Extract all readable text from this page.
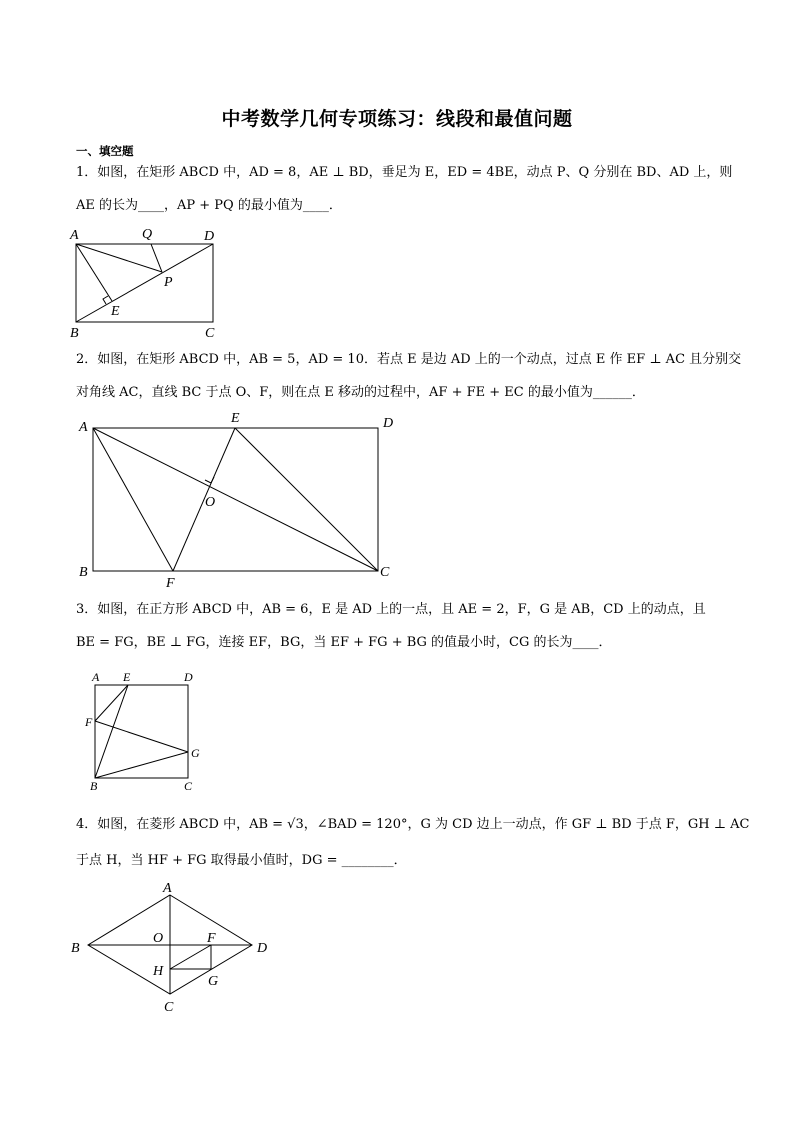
中考数学几何专项练习：线段和最值问题
一、填空题
1．如图，在矩形 ABCD 中，AD = 8，AE ⊥ BD，垂足为 E，ED = 4BE，动点 P、Q 分别在 BD、AD 上，则
AE 的长为____，AP + PQ 的最小值为____．
A	Q	D
P
E
B	C
2．如图，在矩形 ABCD 中，AB = 5，AD = 10．若点 E 是边 AD 上的一个动点，过点 E 作 EF ⊥ AC 且分别交
对角线 AC，直线 BC 于点 O、F，则在点 E 移动的过程中，AF + FE + EC 的最小值为______．
A
E	D
O
B
F
C
3．如图，在正方形 ABCD 中，AB = 6，E 是 AD 上的一点，且 AE = 2，F，G 是 AB，CD 上的动点，且
BE = FG，BE ⊥ FG，连接 EF，BG，当 EF + FG + BG 的值最小时，CG 的长为____．
A E	D
F
G
B	C
4．如图，在菱形 ABCD 中，AB = √3，∠BAD = 120°，G 为 CD 边上一动点，作 GF ⊥ BD 于点 F，GH ⊥ AC
于点 H，当 HF + FG 取得最小值时，DG = ________．
A
B
O	F
D
H
G
C
